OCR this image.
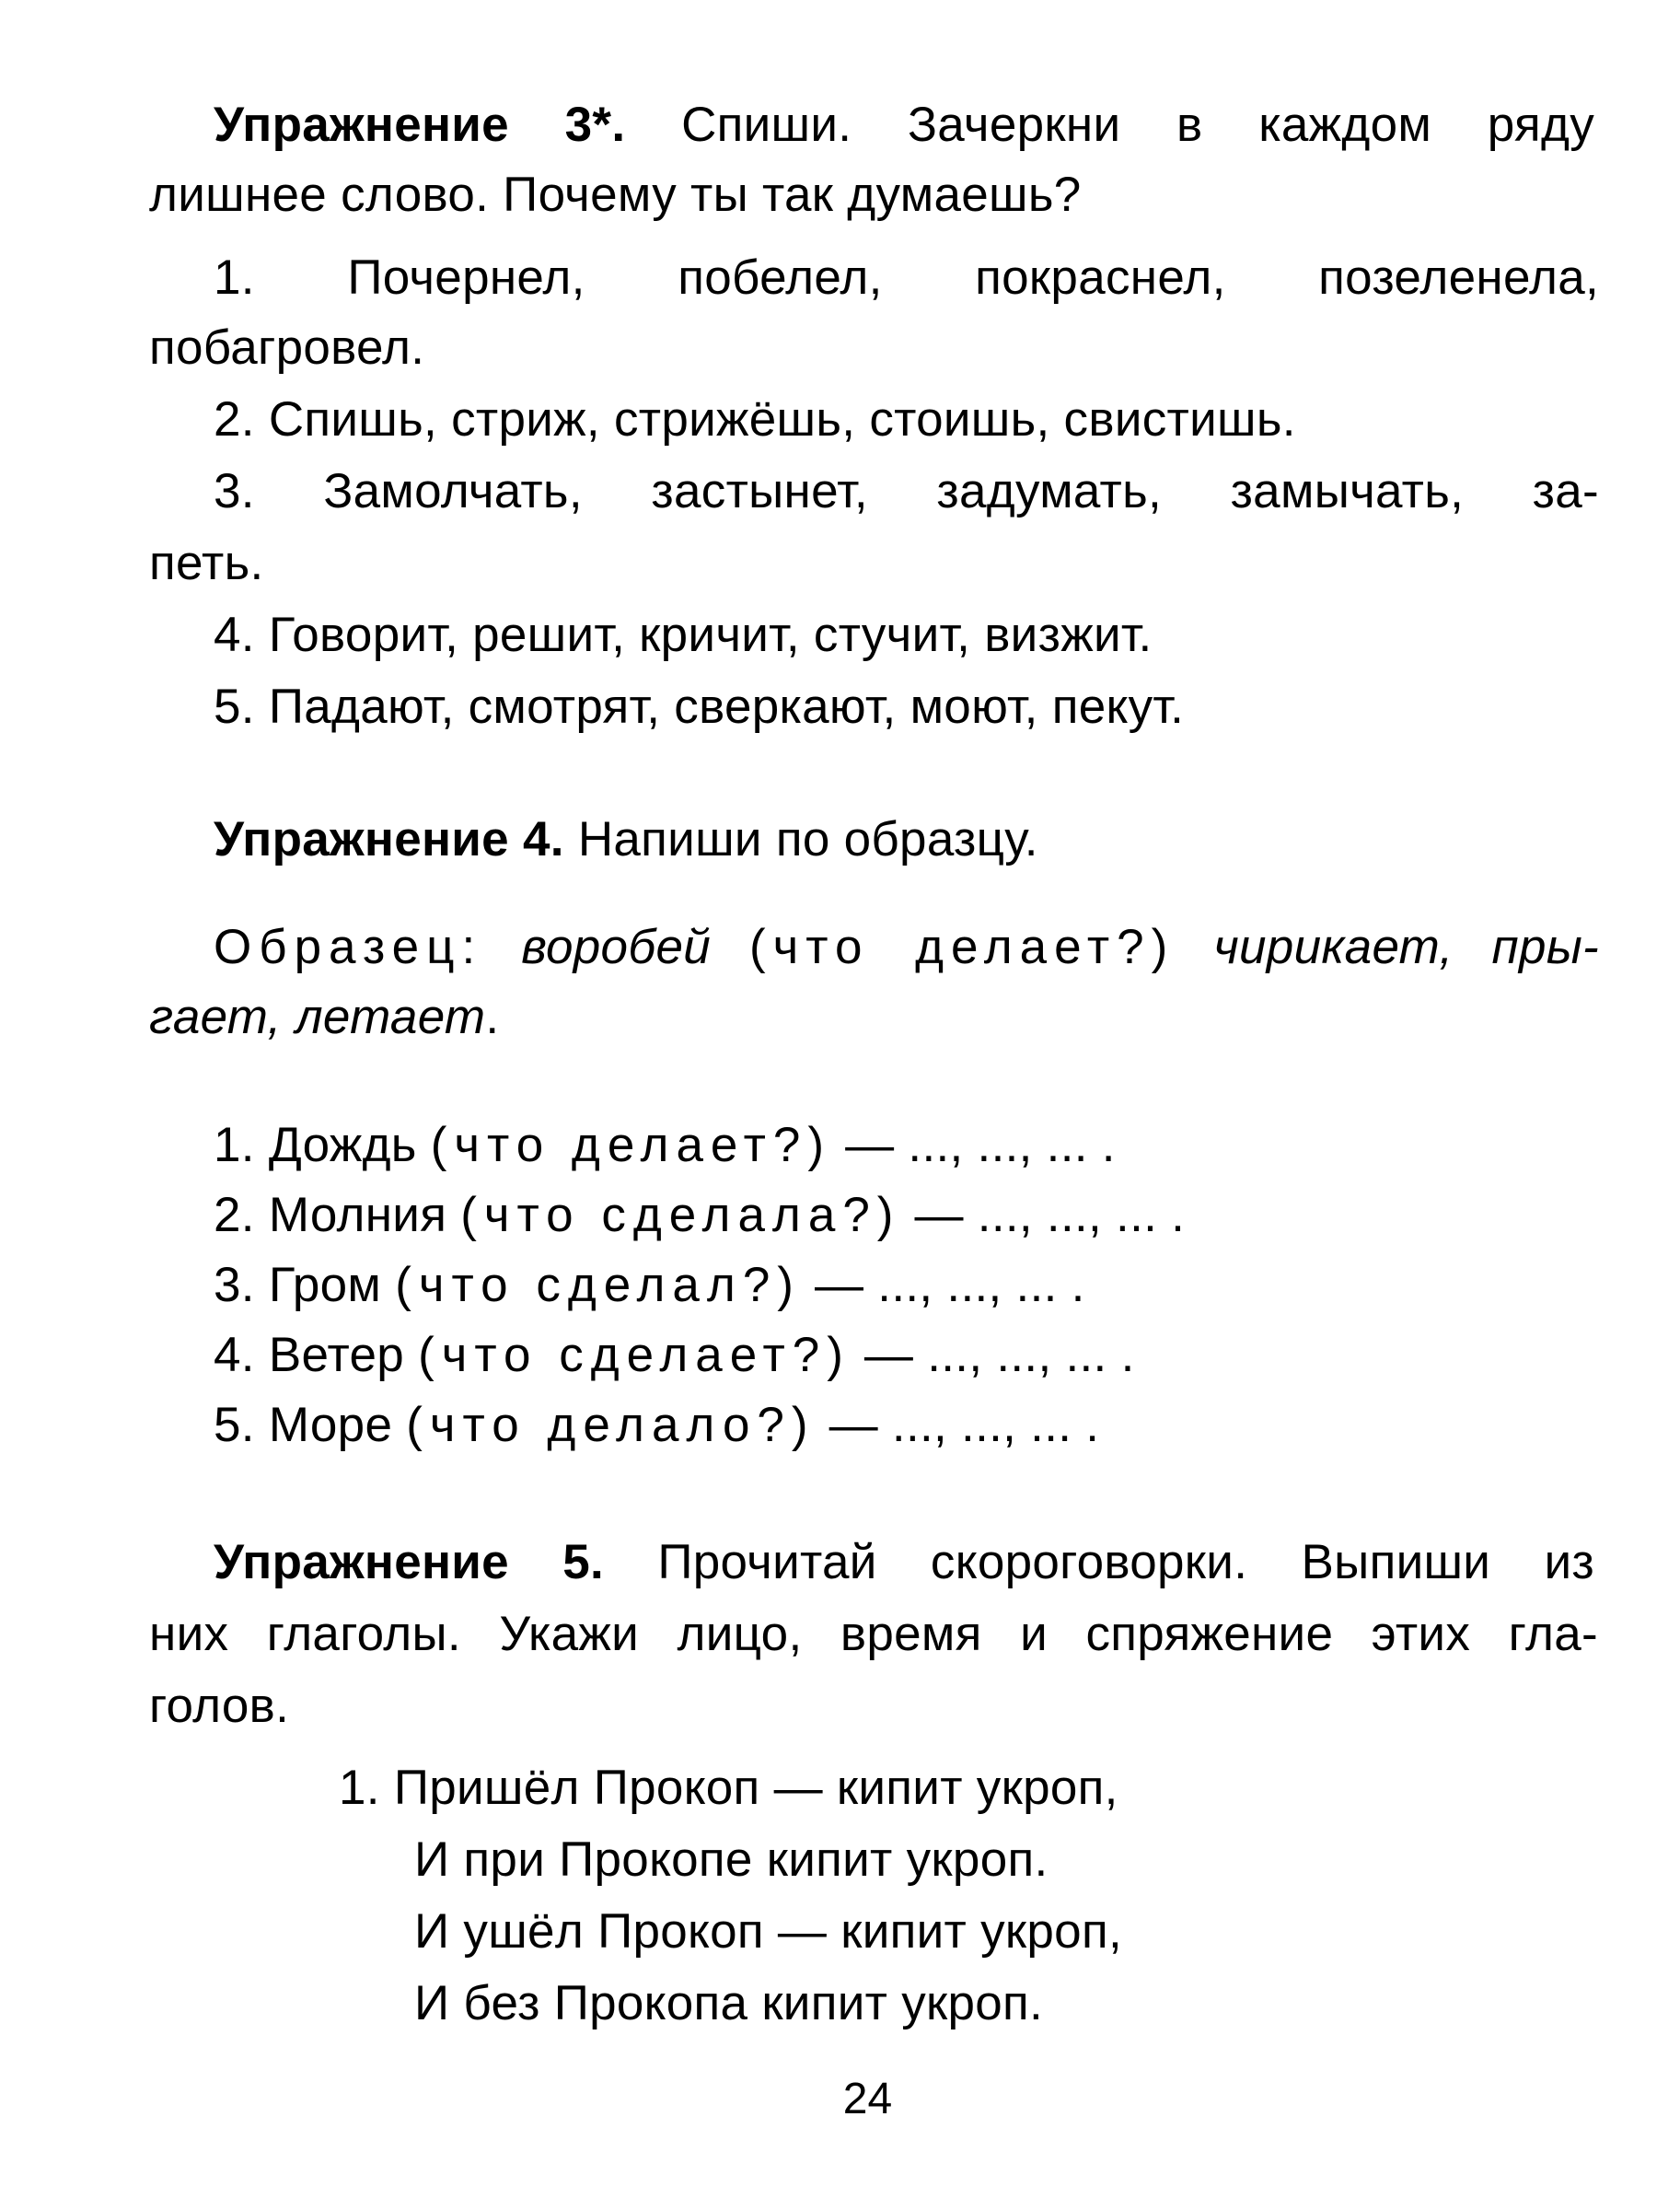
Упражнение 3*. Спиши. Зачеркни в каждом ряду
лишнее слово. Почему ты так думаешь?
1. Почернел, побелел, покраснел, позеленела,
побагровел.
2. Спишь, стриж, стрижёшь, стоишь, свистишь.
3. Замолчать, застынет, задумать, замычать, за-
петь.
4. Говорит, решит, кричит, стучит, визжит.
5. Падают, смотрят, сверкают, моют, пекут.
Упражнение 4. Напиши по образцу.
Образец: воробей (что делает?) чирикает, пры-
гает, летает.
1. Дождь (что делает?) — ..., ..., ... .
2. Молния (что сделала?) — ..., ..., ... .
3. Гром (что сделал?) — ..., ..., ... .
4. Ветер (что сделает?) — ..., ..., ... .
5. Море (что делало?) — ..., ..., ... .
Упражнение 5. Прочитай скороговорки. Выпиши из
них глаголы. Укажи лицо, время и спряжение этих гла-
голов.
1. Пришёл Прокоп — кипит укроп,
И при Прокопе кипит укроп.
И ушёл Прокоп — кипит укроп,
И без Прокопа кипит укроп.
24
